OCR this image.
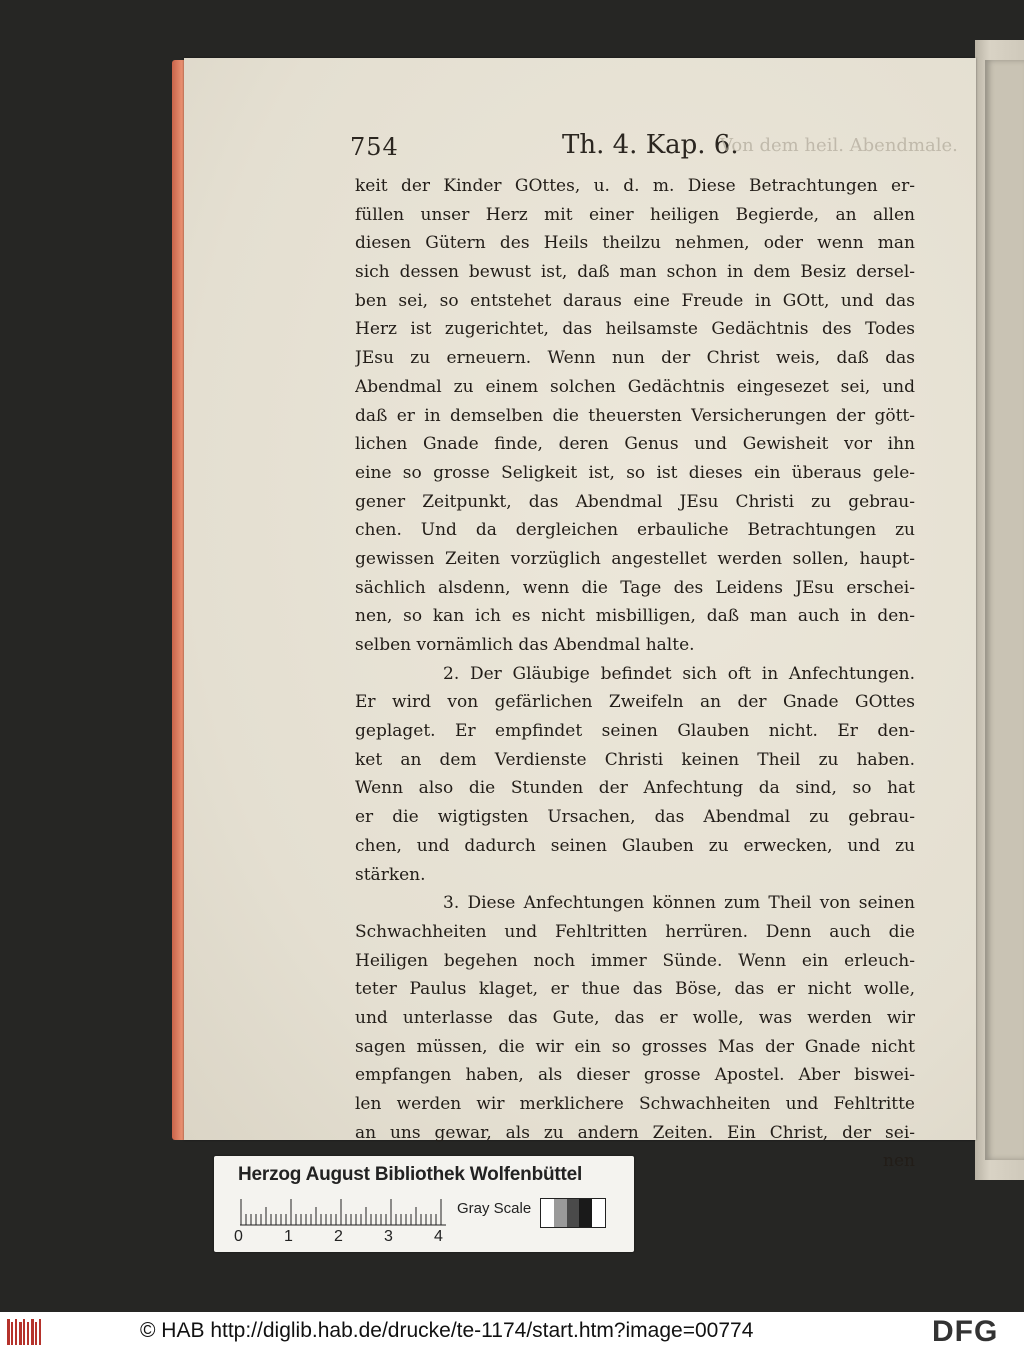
754	Th. 4. Kap. 6.
Von dem heil. Abendmale.
keit der Kinder GOttes, u. d. m. Diese Betrachtungen er-
füllen unser Herz mit einer heiligen Begierde, an allen
diesen Gütern des Heils theilzu nehmen, oder wenn man
sich dessen bewust ist, daß man schon in dem Besiz dersel-
ben sei, so entstehet daraus eine Freude in GOtt, und das
Herz ist zugerichtet, das heilsamste Gedächtnis des Todes
JEsu zu erneuern. Wenn nun der Christ weis, daß das
Abendmal zu einem solchen Gedächtnis eingesezet sei, und
daß er in demselben die theuersten Versicherungen der gött-
lichen Gnade finde, deren Genus und Gewisheit vor ihn
eine so grosse Seligkeit ist, so ist dieses ein überaus gele-
gener Zeitpunkt, das Abendmal JEsu Christi zu gebrau-
chen. Und da dergleichen erbauliche Betrachtungen zu
gewissen Zeiten vorzüglich angestellet werden sollen, haupt-
sächlich alsdenn, wenn die Tage des Leidens JEsu erschei-
nen, so kan ich es nicht misbilligen, daß man auch in den-
selben vornämlich das Abendmal halte.
2. Der Gläubige befindet sich oft in Anfechtungen.
Er wird von gefärlichen Zweifeln an der Gnade GOttes
geplaget. Er empfindet seinen Glauben nicht. Er den-
ket an dem Verdienste Christi keinen Theil zu haben.
Wenn also die Stunden der Anfechtung da sind, so hat
er die wigtigsten Ursachen, das Abendmal zu gebrau-
chen, und dadurch seinen Glauben zu erwecken, und zu
stärken.
3. Diese Anfechtungen können zum Theil von seinen
Schwachheiten und Fehltritten herrüren. Denn auch die
Heiligen begehen noch immer Sünde. Wenn ein erleuch-
teter Paulus klaget, er thue das Böse, das er nicht wolle,
und unterlasse das Gute, das er wolle, was werden wir
sagen müssen, die wir ein so grosses Mas der Gnade nicht
empfangen haben, als dieser grosse Apostel. Aber biswei-
len werden wir merklichere Schwachheiten und Fehltritte
an uns gewar, als zu andern Zeiten. Ein Christ, der sei-
nen
Herzog August Bibliothek Wolfenbüttel
0	1	2	3	4
Gray Scale
© HAB http://diglib.hab.de/drucke/te-1174/start.htm?image=00774	DFG
